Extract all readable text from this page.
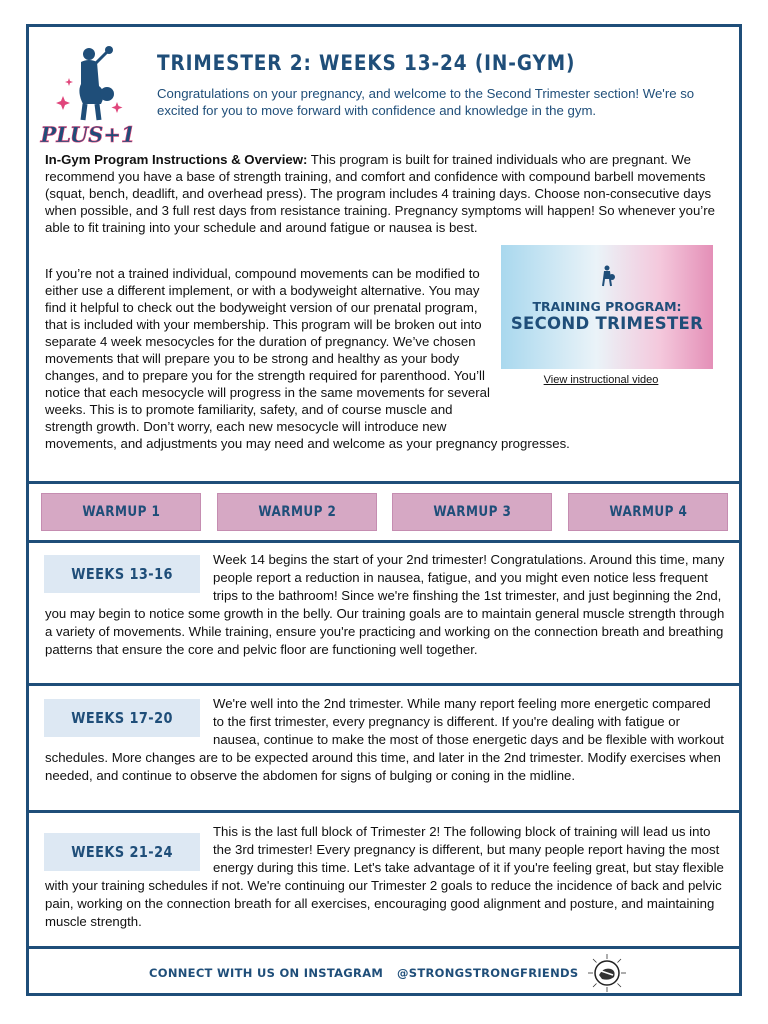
PLUS+1
TRIMESTER 2: WEEKS 13-24 (IN-GYM)
Congratulations on your pregnancy, and welcome to the Second Trimester section! We're so excited for you to move forward with confidence and knowledge in the gym.
In-Gym Program Instructions & Overview: This program is built for trained individuals who are pregnant. We recommend you have a base of strength training, and comfort and confidence with compound barbell movements (squat, bench, deadlift, and overhead press). The program includes 4 training days. Choose non-consecutive days when possible, and 3 full rest days from resistance training. Pregnancy symptoms will happen! So whenever you’re able to fit training into your schedule and around fatigue or nausea is best.
If you’re not a trained individual, compound movements can be modified to either use a different implement, or with a bodyweight alternative. You may find it helpful to check out the bodyweight version of our prenatal program, that is included with your membership. This program will be broken out into separate 4 week mesocycles for the duration of pregnancy. We’ve chosen movements that will prepare you to be strong and healthy as your body changes, and to prepare you for the strength required for parenthood. You’ll notice that each mesocycle will progress in the same movements for several weeks. This is to promote familiarity, safety, and of course muscle and strength growth. Don’t worry, each new mesocycle will introduce new movements, and adjustments you may need and welcome as your pregnancy progresses.
TRAINING PROGRAM:
SECOND TRIMESTER
View instructional video
WARMUP 1	WARMUP 2	WARMUP 3	WARMUP 4
WEEKS 13-16
Week 14 begins the start of your 2nd trimester! Congratulations. Around this time, many people report a reduction in nausea, fatigue, and you might even notice less frequent trips to the bathroom! Since we're finshing the 1st trimester, and just beginning the 2nd, you may begin to notice some growth in the belly. Our training goals are to maintain general muscle strength through a variety of movements. While training, ensure you're practicing and working on the connection breath and breathing patterns that ensure the core and pelvic floor are functioning well together.
WEEKS 17-20
We're well into the 2nd trimester. While many report feeling more energetic compared to the first trimester, every pregnancy is different. If you're dealing with fatigue or nausea, continue to make the most of those energetic days and be flexible with workout schedules. More changes are to be expected around this time, and later in the 2nd trimester. Modify exercises when needed, and continue to observe the abdomen for signs of bulging or coning in the midline.
WEEKS 21-24
This is the last full block of Trimester 2! The following block of training will lead us into the 3rd trimester! Every pregnancy is different, but many people report having the most energy during this time. Let's take advantage of it if you're feeling great, but stay flexible with your training schedules if not. We're continuing our Trimester 2 goals to reduce the incidence of back and pelvic pain, working on the connection breath for all exercises, encouraging good alignment and posture, and maintaining muscle strength.
CONNECT WITH US ON INSTAGRAM @STRONGSTRONGFRIENDS
